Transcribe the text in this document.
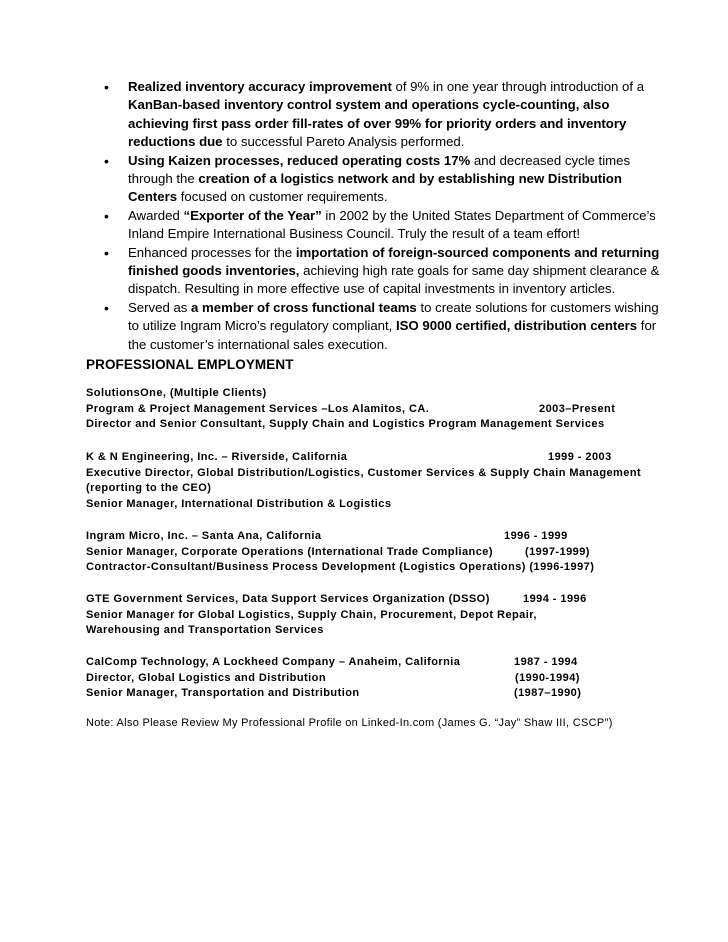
• Realized inventory accuracy improvement of 9% in one year through introduction of a KanBan-based inventory control system and operations cycle-counting, also achieving first pass order fill-rates of over 99% for priority orders and inventory reductions due to successful Pareto Analysis performed.
• Using Kaizen processes, reduced operating costs 17% and decreased cycle times through the creation of a logistics network and by establishing new Distribution Centers focused on customer requirements.
• Awarded “Exporter of the Year” in 2002 by the United States Department of Commerce’s Inland Empire International Business Council. Truly the result of a team effort!
• Enhanced processes for the importation of foreign-sourced components and returning finished goods inventories, achieving high rate goals for same day shipment clearance & dispatch. Resulting in more effective use of capital investments in inventory articles.
• Served as a member of cross functional teams to create solutions for customers wishing to utilize Ingram Micro’s regulatory compliant, ISO 9000 certified, distribution centers for the customer’s international sales execution.
PROFESSIONAL EMPLOYMENT
SolutionsOne, (Multiple Clients)
Program & Project Management Services –Los Alamitos, CA.	2003–Present
Director and Senior Consultant, Supply Chain and Logistics Program Management Services
K & N Engineering, Inc. – Riverside, California	1999 - 2003
Executive Director, Global Distribution/Logistics, Customer Services & Supply Chain Management
(reporting to the CEO)
Senior Manager, International Distribution & Logistics
Ingram Micro, Inc. – Santa Ana, California	1996 - 1999
Senior Manager, Corporate Operations (International Trade Compliance)	(1997-1999)
Contractor-Consultant/Business Process Development (Logistics Operations) (1996-1997)
GTE Government Services, Data Support Services Organization (DSSO)	1994 - 1996
Senior Manager for Global Logistics, Supply Chain, Procurement, Depot Repair,
Warehousing and Transportation Services
CalComp Technology, A Lockheed Company – Anaheim, California	1987 - 1994
Director, Global Logistics and Distribution	(1990-1994)
Senior Manager, Transportation and Distribution	(1987–1990)

Note: Also Please Review My Professional Profile on Linked-In.com (James G. “Jay” Shaw III, CSCP")
